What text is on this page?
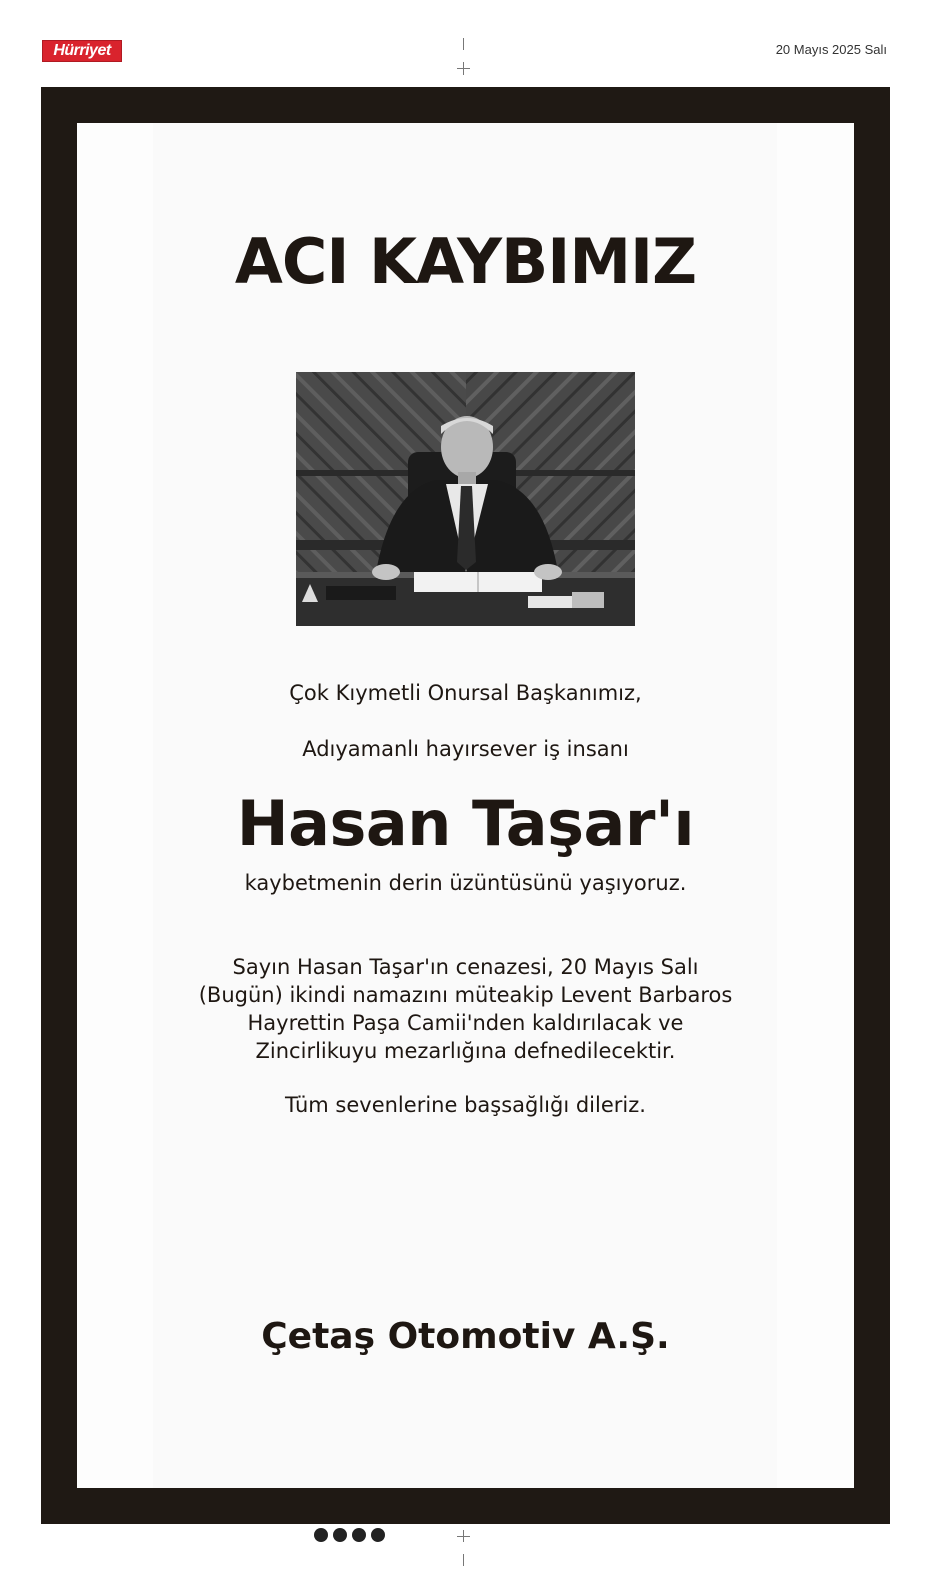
Hürriyet	20 Mayıs 2025 Salı
ACI KAYBIMIZ
Çok Kıymetli Onursal Başkanımız,
Adıyamanlı hayırsever iş insanı
Hasan Taşar'ı
kaybetmenin derin üzüntüsünü yaşıyoruz.
Sayın Hasan Taşar'ın cenazesi, 20 Mayıs Salı
(Bugün) ikindi namazını müteakip Levent Barbaros
Hayrettin Paşa Camii'nden kaldırılacak ve
Zincirlikuyu mezarlığına defnedilecektir.
Tüm sevenlerine başsağlığı dileriz.
Çetaş Otomotiv A.Ş.
